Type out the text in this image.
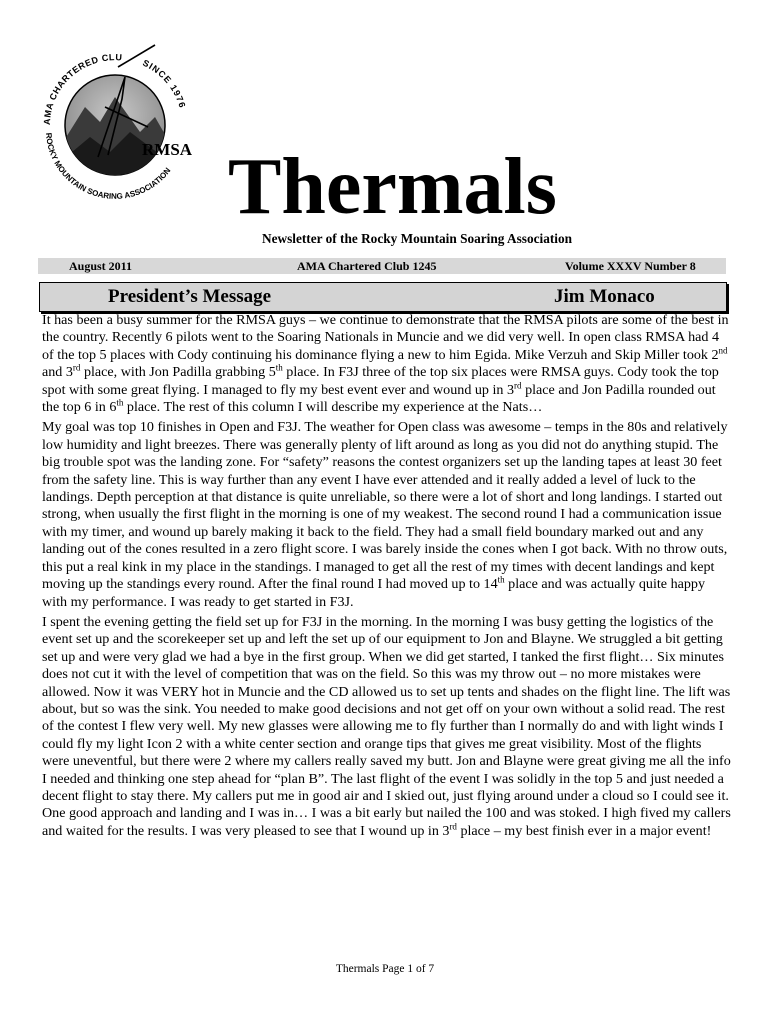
RMSA
AMA CHARTERED CLU
SINCE 1976
ROCKY MOUNTAIN SOARING ASSOCIATION Thermals

Newsletter of the Rocky Mountain Soaring Association

August 2011	AMA Chartered Club 1245	Volume XXXV Number 8
President’s Message	Jim Monaco

It has been a busy summer for the RMSA guys – we continue to demonstrate that the RMSA pilots are some of the best in the country. Recently 6 pilots went to the Soaring Nationals in Muncie and we did very well. In open class RMSA had 4 of the top 5 places with Cody continuing his dominance flying a new to him Egida. Mike Verzuh and Skip Miller took 2nd and 3rd place, with Jon Padilla grabbing 5th place. In F3J three of the top six places were RMSA guys. Cody took the top spot with some great flying. I managed to fly my best event ever and wound up in 3rd place and Jon Padilla rounded out the top 6 in 6th place. The rest of this column I will describe my experience at the Nats…

My goal was top 10 finishes in Open and F3J. The weather for Open class was awesome – temps in the 80s and relatively low humidity and light breezes. There was generally plenty of lift around as long as you did not do anything stupid. The big trouble spot was the landing zone. For “safety” reasons the contest organizers set up the landing tapes at least 30 feet from the safety line. This is way further than any event I have ever attended and it really added a level of luck to the landings. Depth perception at that distance is quite unreliable, so there were a lot of short and long landings. I started out strong, when usually the first flight in the morning is one of my weakest. The second round I had a communication issue with my timer, and wound up barely making it back to the field. They had a small field boundary marked out and any landing out of the cones resulted in a zero flight score. I was barely inside the cones when I got back. With no throw outs, this put a real kink in my place in the standings. I managed to get all the rest of my times with decent landings and kept moving up the standings every round. After the final round I had moved up to 14th place and was actually quite happy with my performance. I was ready to get started in F3J.

I spent the evening getting the field set up for F3J in the morning. In the morning I was busy getting the logistics of the event set up and the scorekeeper set up and left the set up of our equipment to Jon and Blayne. We struggled a bit getting set up and were very glad we had a bye in the first group. When we did get started, I tanked the first flight… Six minutes does not cut it with the level of competition that was on the field. So this was my throw out – no more mistakes were allowed. Now it was VERY hot in Muncie and the CD allowed us to set up tents and shades on the flight line. The lift was about, but so was the sink. You needed to make good decisions and not get off on your own without a solid read. The rest of the contest I flew very well. My new glasses were allowing me to fly further than I normally do and with light winds I could fly my light Icon 2 with a white center section and orange tips that gives me great visibility. Most of the flights were uneventful, but there were 2 where my callers really saved my butt. Jon and Blayne were great giving me all the info I needed and thinking one step ahead for “plan B”. The last flight of the event I was solidly in the top 5 and just needed a decent flight to stay there. My callers put me in good air and I skied out, just flying around under a cloud so I could see it. One good approach and landing and I was in… I was a bit early but nailed the 100 and was stoked. I high fived my callers and waited for the results. I was very pleased to see that I wound up in 3rd place – my best finish ever in a major event!

Thermals Page 1 of 7
